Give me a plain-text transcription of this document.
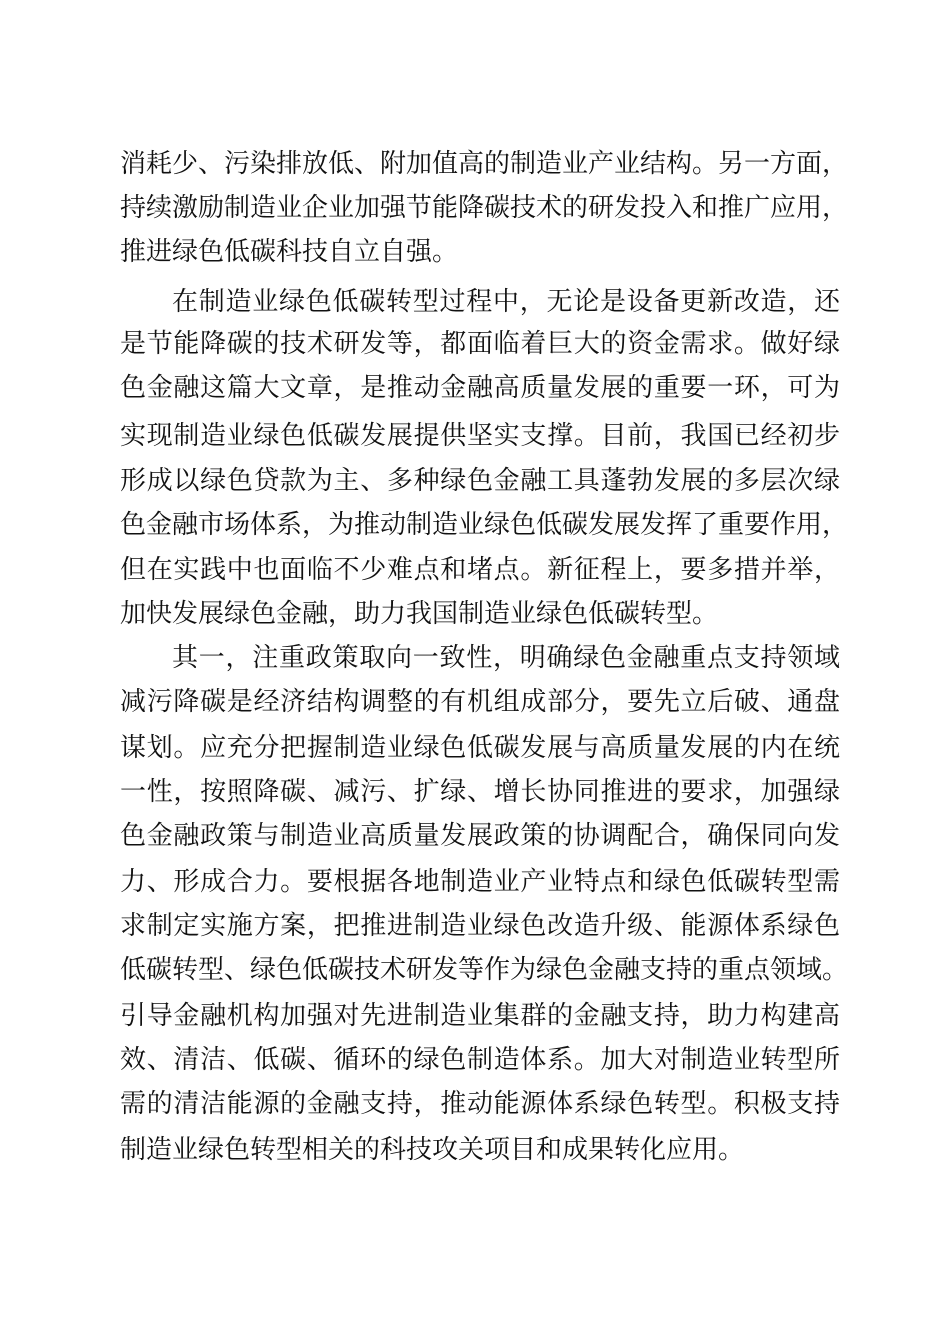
消耗少、污染排放低、附加值高的制造业产业结构。另一方面，

持续激励制造业企业加强节能降碳技术的研发投入和推广应用，

推进绿色低碳科技自立自强。

在制造业绿色低碳转型过程中，无论是设备更新改造，还

是节能降碳的技术研发等，都面临着巨大的资金需求。做好绿

色金融这篇大文章，是推动金融高质量发展的重要一环，可为

实现制造业绿色低碳发展提供坚实支撑。目前，我国已经初步

形成以绿色贷款为主、多种绿色金融工具蓬勃发展的多层次绿

色金融市场体系，为推动制造业绿色低碳发展发挥了重要作用，

但在实践中也面临不少难点和堵点。新征程上，要多措并举，

加快发展绿色金融，助力我国制造业绿色低碳转型。

其一，注重政策取向一致性，明确绿色金融重点支持领域

减污降碳是经济结构调整的有机组成部分，要先立后破、通盘

谋划。应充分把握制造业绿色低碳发展与高质量发展的内在统

一性，按照降碳、减污、扩绿、增长协同推进的要求，加强绿

色金融政策与制造业高质量发展政策的协调配合，确保同向发

力、形成合力。要根据各地制造业产业特点和绿色低碳转型需

求制定实施方案，把推进制造业绿色改造升级、能源体系绿色

低碳转型、绿色低碳技术研发等作为绿色金融支持的重点领域。

引导金融机构加强对先进制造业集群的金融支持，助力构建高

效、清洁、低碳、循环的绿色制造体系。加大对制造业转型所

需的清洁能源的金融支持，推动能源体系绿色转型。积极支持

制造业绿色转型相关的科技攻关项目和成果转化应用。
